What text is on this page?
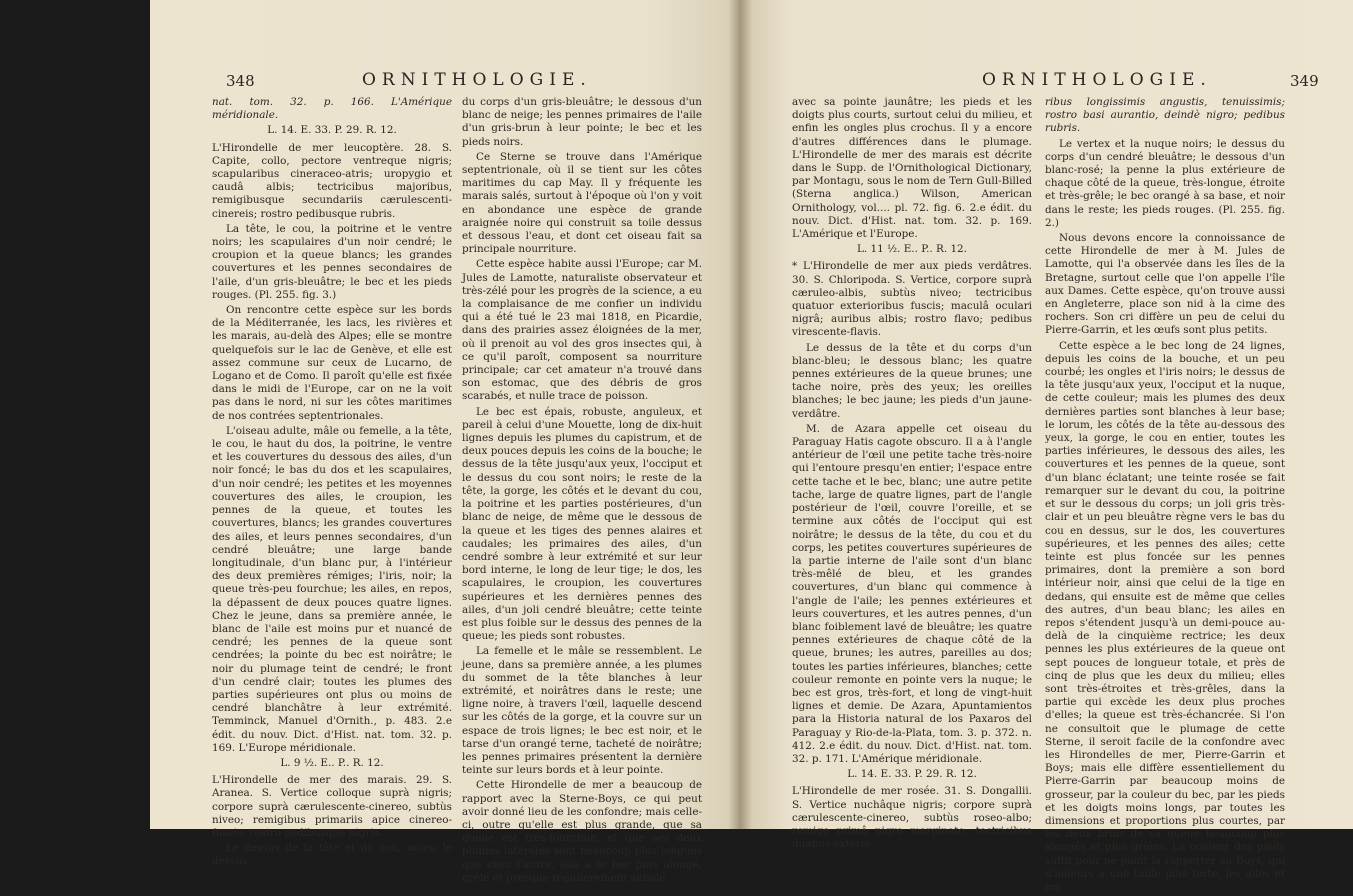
348	ORNITHOLOGIE.

nat. tom. 32. p. 166. L'Amérique méridionale.

L. 14. E. 33. P. 29. R. 12.

L'Hirondelle de mer leucoptère. 28. S. Capite, collo, pectore ventreque nigris; scapularibus cineraceo-atris; uropygio et caudâ albis; tectricibus majoribus, remigibusque secundariis cærulescenti-cinereis; rostro pedibusque rubris.

La tête, le cou, la poitrine et le ventre noirs; les scapulaires d'un noir cendré; le croupion et la queue blancs; les grandes couvertures et les pennes secondaires de l'aile, d'un gris-bleuâtre; le bec et les pieds rouges. (Pl. 255. fig. 3.)

On rencontre cette espèce sur les bords de la Méditerranée, les lacs, les rivières et les marais, au-delà des Alpes; elle se montre quelquefois sur le lac de Genève, et elle est assez commune sur ceux de Lucarno, de Logano et de Como. Il paroît qu'elle est fixée dans le midi de l'Europe, car on ne la voit pas dans le nord, ni sur les côtes maritimes de nos contrées septentrionales.

L'oiseau adulte, mâle ou femelle, a la tête, le cou, le haut du dos, la poitrine, le ventre et les couvertures du dessous des ailes, d'un noir foncé; le bas du dos et les scapulaires, d'un noir cendré; les petites et les moyennes couvertures des ailes, le croupion, les pennes de la queue, et toutes les couvertures, blancs; les grandes couvertures des ailes, et leurs pennes secondaires, d'un cendré bleuâtre; une large bande longitudinale, d'un blanc pur, à l'intérieur des deux premières rémiges; l'iris, noir; la queue très-peu fourchue; les ailes, en repos, la dépassent de deux pouces quatre lignes. Chez le jeune, dans sa première année, le blanc de l'aile est moins pur et nuancé de cendré; les pennes de la queue sont cendrées; la pointe du bec est noirâtre; le noir du plumage teint de cendré; le front d'un cendré clair; toutes les plumes des parties supérieures ont plus ou moins de cendré blanchâtre à leur extrémité. Temminck, Manuel d'Ornith., p. 483. 2.e édit. du nouv. Dict. d'Hist. nat. tom. 32. p. 169. L'Europe méridionale.

L. 9 ½. E.. P.. R. 12.

L'Hirondelle de mer des marais. 29. S. Aranea. S. Vertice colloque suprà nigris; corpore suprà cærulescente-cinereo, subtùs niveo; remigibus primariis apice cinereo-fuscis; rostro pedibusque nigris.

Le dessus de la tête et du cou, noirs; le dessus

du corps d'un gris-bleuâtre; le dessous d'un blanc de neige; les pennes primaires de l'aile d'un gris-brun à leur pointe; le bec et les pieds noirs.

Ce Sterne se trouve dans l'Amérique septentrionale, où il se tient sur les côtes maritimes du cap May. Il y fréquente les marais salés, surtout à l'époque où l'on y voit en abondance une espèce de grande araignée noire qui construit sa toile dessus et dessous l'eau, et dont cet oiseau fait sa principale nourriture.

Cette espèce habite aussi l'Europe; car M. Jules de Lamotte, naturaliste observateur et très-zélé pour les progrès de la science, a eu la complaisance de me confier un individu qui a été tué le 23 mai 1818, en Picardie, dans des prairies assez éloignées de la mer, où il prenoit au vol des gros insectes qui, à ce qu'il paroît, composent sa nourriture principale; car cet amateur n'a trouvé dans son estomac, que des débris de gros scarabés, et nulle trace de poisson.

Le bec est épais, robuste, anguleux, et pareil à celui d'une Mouette, long de dix-huit lignes depuis les plumes du capistrum, et de deux pouces depuis les coins de la bouche; le dessus de la tête jusqu'aux yeux, l'occiput et le dessus du cou sont noirs; le reste de la tête, la gorge, les côtés et le devant du cou, la poitrine et les parties postérieures, d'un blanc de neige, de même que le dessous de la queue et les tiges des pennes alaires et caudales; les primaires des ailes, d'un cendré sombre à leur extrémité et sur leur bord interne, le long de leur tige; le dos, les scapulaires, le croupion, les couvertures supérieures et les dernières pennes des ailes, d'un joli cendré bleuâtre; cette teinte est plus foible sur le dessus des pennes de la queue; les pieds sont robustes.

La femelle et le mâle se ressemblent. Le jeune, dans sa première année, a les plumes du sommet de la tête blanches à leur extrémité, et noirâtres dans le reste; une ligne noire, à travers l'œil, laquelle descend sur les côtés de la gorge, et la couvre sur un espace de trois lignes; le bec est noir, et le tarse d'un orangé terne, tacheté de noirâtre; les pennes primaires présentent la dernière teinte sur leurs bords et à leur pointe.

Cette Hirondelle de mer a beaucoup de rapport avec la Sterne-Boys, ce qui peut avoir donné lieu de les confondre; mais celle-ci, outre qu'elle est plus grande, que sa queue est très-fourchue, et que ses deux plumes latérales sont beaucoup plus longues que chez l'autre, elle a le bec plus alongé, grêle et presque régulièrement subulé

ORNITHOLOGIE.	349

avec sa pointe jaunâtre; les pieds et les doigts plus courts, surtout celui du milieu, et enfin les ongles plus crochus. Il y a encore d'autres différences dans le plumage. L'Hirondelle de mer des marais est décrite dans le Supp. de l'Ornithological Dictionary, par Montagu, sous le nom de Tern Gull-Billed (Sterna anglica.) Wilson, American Ornithology, vol.... pl. 72. fig. 6. 2.e édit. du nouv. Dict. d'Hist. nat. tom. 32. p. 169. L'Amérique et l'Europe.

L. 11 ½. E.. P.. R. 12.

* L'Hirondelle de mer aux pieds verdâtres. 30. S. Chloripoda. S. Vertice, corpore suprà cæruleo-albis, subtùs niveo; tectricibus quatuor exterioribus fuscis; maculâ oculari nigrâ; auribus albis; rostro flavo; pedibus virescente-flavis.

Le dessus de la tête et du corps d'un blanc-bleu; le dessous blanc; les quatre pennes extérieures de la queue brunes; une tache noire, près des yeux; les oreilles blanches; le bec jaune; les pieds d'un jaune-verdâtre.

M. de Azara appelle cet oiseau du Paraguay Hatis cagote obscuro. Il a à l'angle antérieur de l'œil une petite tache très-noire qui l'entoure presqu'en entier; l'espace entre cette tache et le bec, blanc; une autre petite tache, large de quatre lignes, part de l'angle postérieur de l'œil, couvre l'oreille, et se termine aux côtés de l'occiput qui est noirâtre; le dessus de la tête, du cou et du corps, les petites couvertures supérieures de la partie interne de l'aile sont d'un blanc très-mêlé de bleu, et les grandes couvertures, d'un blanc qui commence à l'angle de l'aile; les pennes extérieures et leurs couvertures, et les autres pennes, d'un blanc foiblement lavé de bleuâtre; les quatre pennes extérieures de chaque côté de la queue, brunes; les autres, pareilles au dos; toutes les parties inférieures, blanches; cette couleur remonte en pointe vers la nuque; le bec est gros, très-fort, et long de vingt-huit lignes et demie. De Azara, Apuntamientos para la Historia natural de los Paxaros del Paraguay y Rio-de-la-Plata, tom. 3. p. 372. n. 412. 2.e édit. du nouv. Dict. d'Hist. nat. tom. 32. p. 171. L'Amérique méridionale.

L. 14. E. 33. P. 29. R. 12.

L'Hirondelle de mer rosée. 31. S. Dongallii. S. Vertice nuchâque nigris; corpore suprà cærulescente-cinereo, subtùs roseo-albo; remige primâ nigro marginato; tectricibus duabus exterio-

ribus longissimis angustis, tenuissimis; rostro basi aurantio, deindè nigro; pedibus rubris.

Le vertex et la nuque noirs; le dessus du corps d'un cendré bleuâtre; le dessous d'un blanc-rosé; la penne la plus extérieure de chaque côté de la queue, très-longue, étroite et très-grêle; le bec orangé à sa base, et noir dans le reste; les pieds rouges. (Pl. 255. fig. 2.)

Nous devons encore la connoissance de cette Hirondelle de mer à M. Jules de Lamotte, qui l'a observée dans les îles de la Bretagne, surtout celle que l'on appelle l'île aux Dames. Cette espèce, qu'on trouve aussi en Angleterre, place son nid à la cime des rochers. Son cri diffère un peu de celui du Pierre-Garrin, et les œufs sont plus petits.

Cette espèce a le bec long de 24 lignes, depuis les coins de la bouche, et un peu courbé; les ongles et l'iris noirs; le dessus de la tête jusqu'aux yeux, l'occiput et la nuque, de cette couleur; mais les plumes des deux dernières parties sont blanches à leur base; le lorum, les côtés de la tête au-dessous des yeux, la gorge, le cou en entier, toutes les parties inférieures, le dessous des ailes, les couvertures et les pennes de la queue, sont d'un blanc éclatant; une teinte rosée se fait remarquer sur le devant du cou, la poitrine et sur le dessous du corps; un joli gris très-clair et un peu bleuâtre règne vers le bas du cou en dessus, sur le dos, les couvertures supérieures, et les pennes des ailes; cette teinte est plus foncée sur les pennes primaires, dont la première a son bord intérieur noir, ainsi que celui de la tige en dedans, qui ensuite est de même que celles des autres, d'un beau blanc; les ailes en repos s'étendent jusqu'à un demi-pouce au-delà de la cinquième rectrice; les deux pennes les plus extérieures de la queue ont sept pouces de longueur totale, et près de cinq de plus que les deux du milieu; elles sont très-étroites et très-grêles, dans la partie qui excède les deux plus proches d'elles; la queue est très-échancrée. Si l'on ne consultoit que le plumage de cette Sterne, il seroit facile de la confondre avec les Hirondelles de mer, Pierre-Garrin et Boys; mais elle diffère essentiellement du Pierre-Garrin par beaucoup moins de grosseur, par la couleur du bec, par les pieds et les doigts moins longs, par toutes les dimensions et proportions plus courtes, par les deux brins de sa queue beaucoup plus alongés et plus grêles. La couleur des pieds suffit pour ne point la rapporter au Boys, qui d'ailleurs a une taille plus forte, les ailes et les
